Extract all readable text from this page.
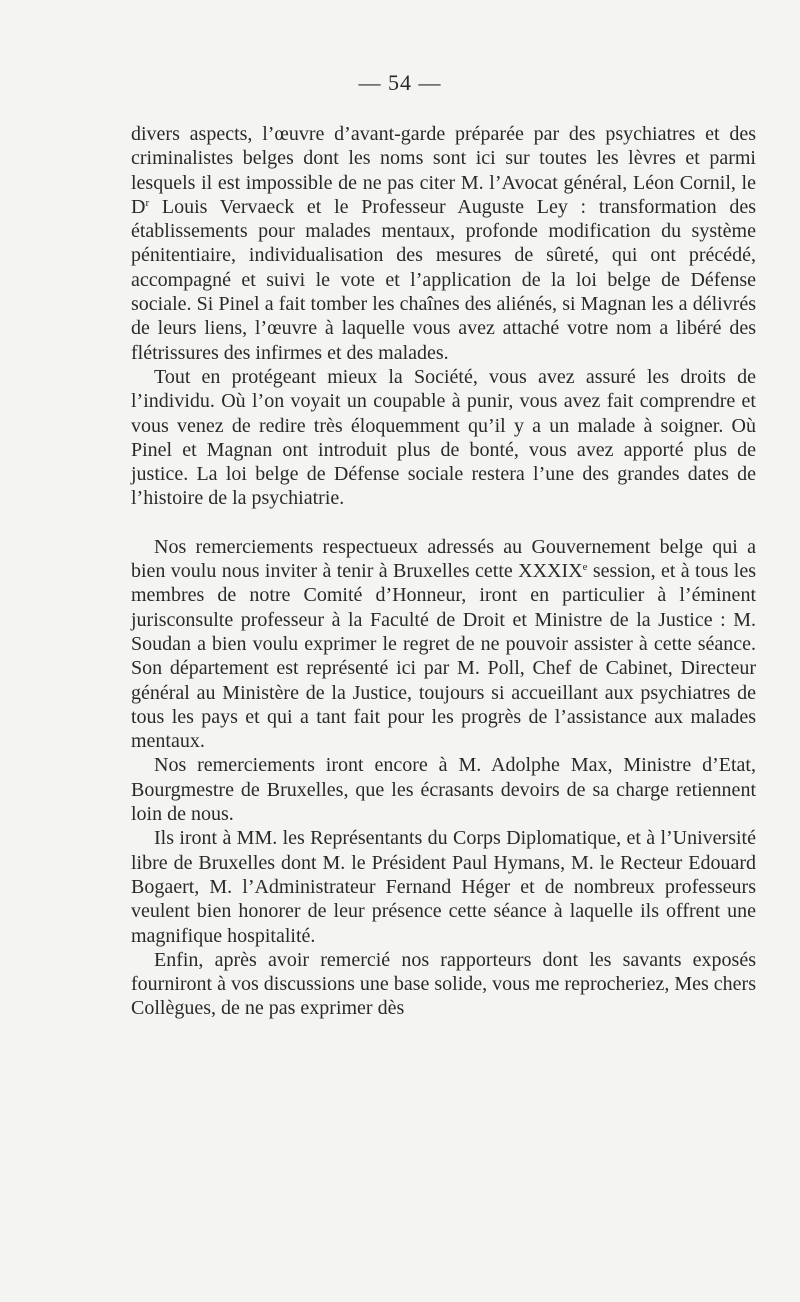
— 54 —

divers aspects, l’œuvre d’avant-garde préparée par des psychiatres et des criminalistes belges dont les noms sont ici sur toutes les lèvres et parmi lesquels il est impossible de ne pas citer M. l’Avocat général, Léon Cornil, le $D^r$ Louis Vervaeck et le Professeur Auguste Ley : transformation des établissements pour malades mentaux, profonde modification du système pénitentiaire, individualisation des mesures de sûreté, qui ont précédé, accompagné et suivi le vote et l’application de la loi belge de Défense sociale. Si Pinel a fait tomber les chaînes des aliénés, si Magnan les a délivrés de leurs liens, l’œuvre à laquelle vous avez attaché votre nom a libéré des flétrissures des infirmes et des malades.

Tout en protégeant mieux la Société, vous avez assuré les droits de l’individu. Où l’on voyait un coupable à punir, vous avez fait comprendre et vous venez de redire très éloquemment qu’il y a un malade à soigner. Où Pinel et Magnan ont introduit plus de bonté, vous avez apporté plus de justice. La loi belge de Défense sociale restera l’une des grandes dates de l’histoire de la psychiatrie.

Nos remerciements respectueux adressés au Gouvernement belge qui a bien voulu nous inviter à tenir à Bruxelles cette XXXIXe session, et à tous les membres de notre Comité d’Honneur, iront en particulier à l’éminent jurisconsulte professeur à la Faculté de Droit et Ministre de la Justice : M. Soudan a bien voulu exprimer le regret de ne pouvoir assister à cette séance. Son département est représenté ici par M. Poll, Chef de Cabinet, Directeur général au Ministère de la Justice, toujours si accueillant aux psychiatres de tous les pays et qui a tant fait pour les progrès de l’assistance aux malades mentaux.

Nos remerciements iront encore à M. Adolphe Max, Ministre d’Etat, Bourgmestre de Bruxelles, que les écrasants devoirs de sa charge retiennent loin de nous.

Ils iront à MM. les Représentants du Corps Diplomatique, et à l’Université libre de Bruxelles dont M. le Président Paul Hymans, M. le Recteur Edouard Bogaert, M. l’Administrateur Fernand Héger et de nombreux professeurs veulent bien honorer de leur présence cette séance à laquelle ils offrent une magnifique hospitalité.

Enfin, après avoir remercié nos rapporteurs dont les savants exposés fourniront à vos discussions une base solide, vous me reprocheriez, Mes chers Collègues, de ne pas exprimer dès
